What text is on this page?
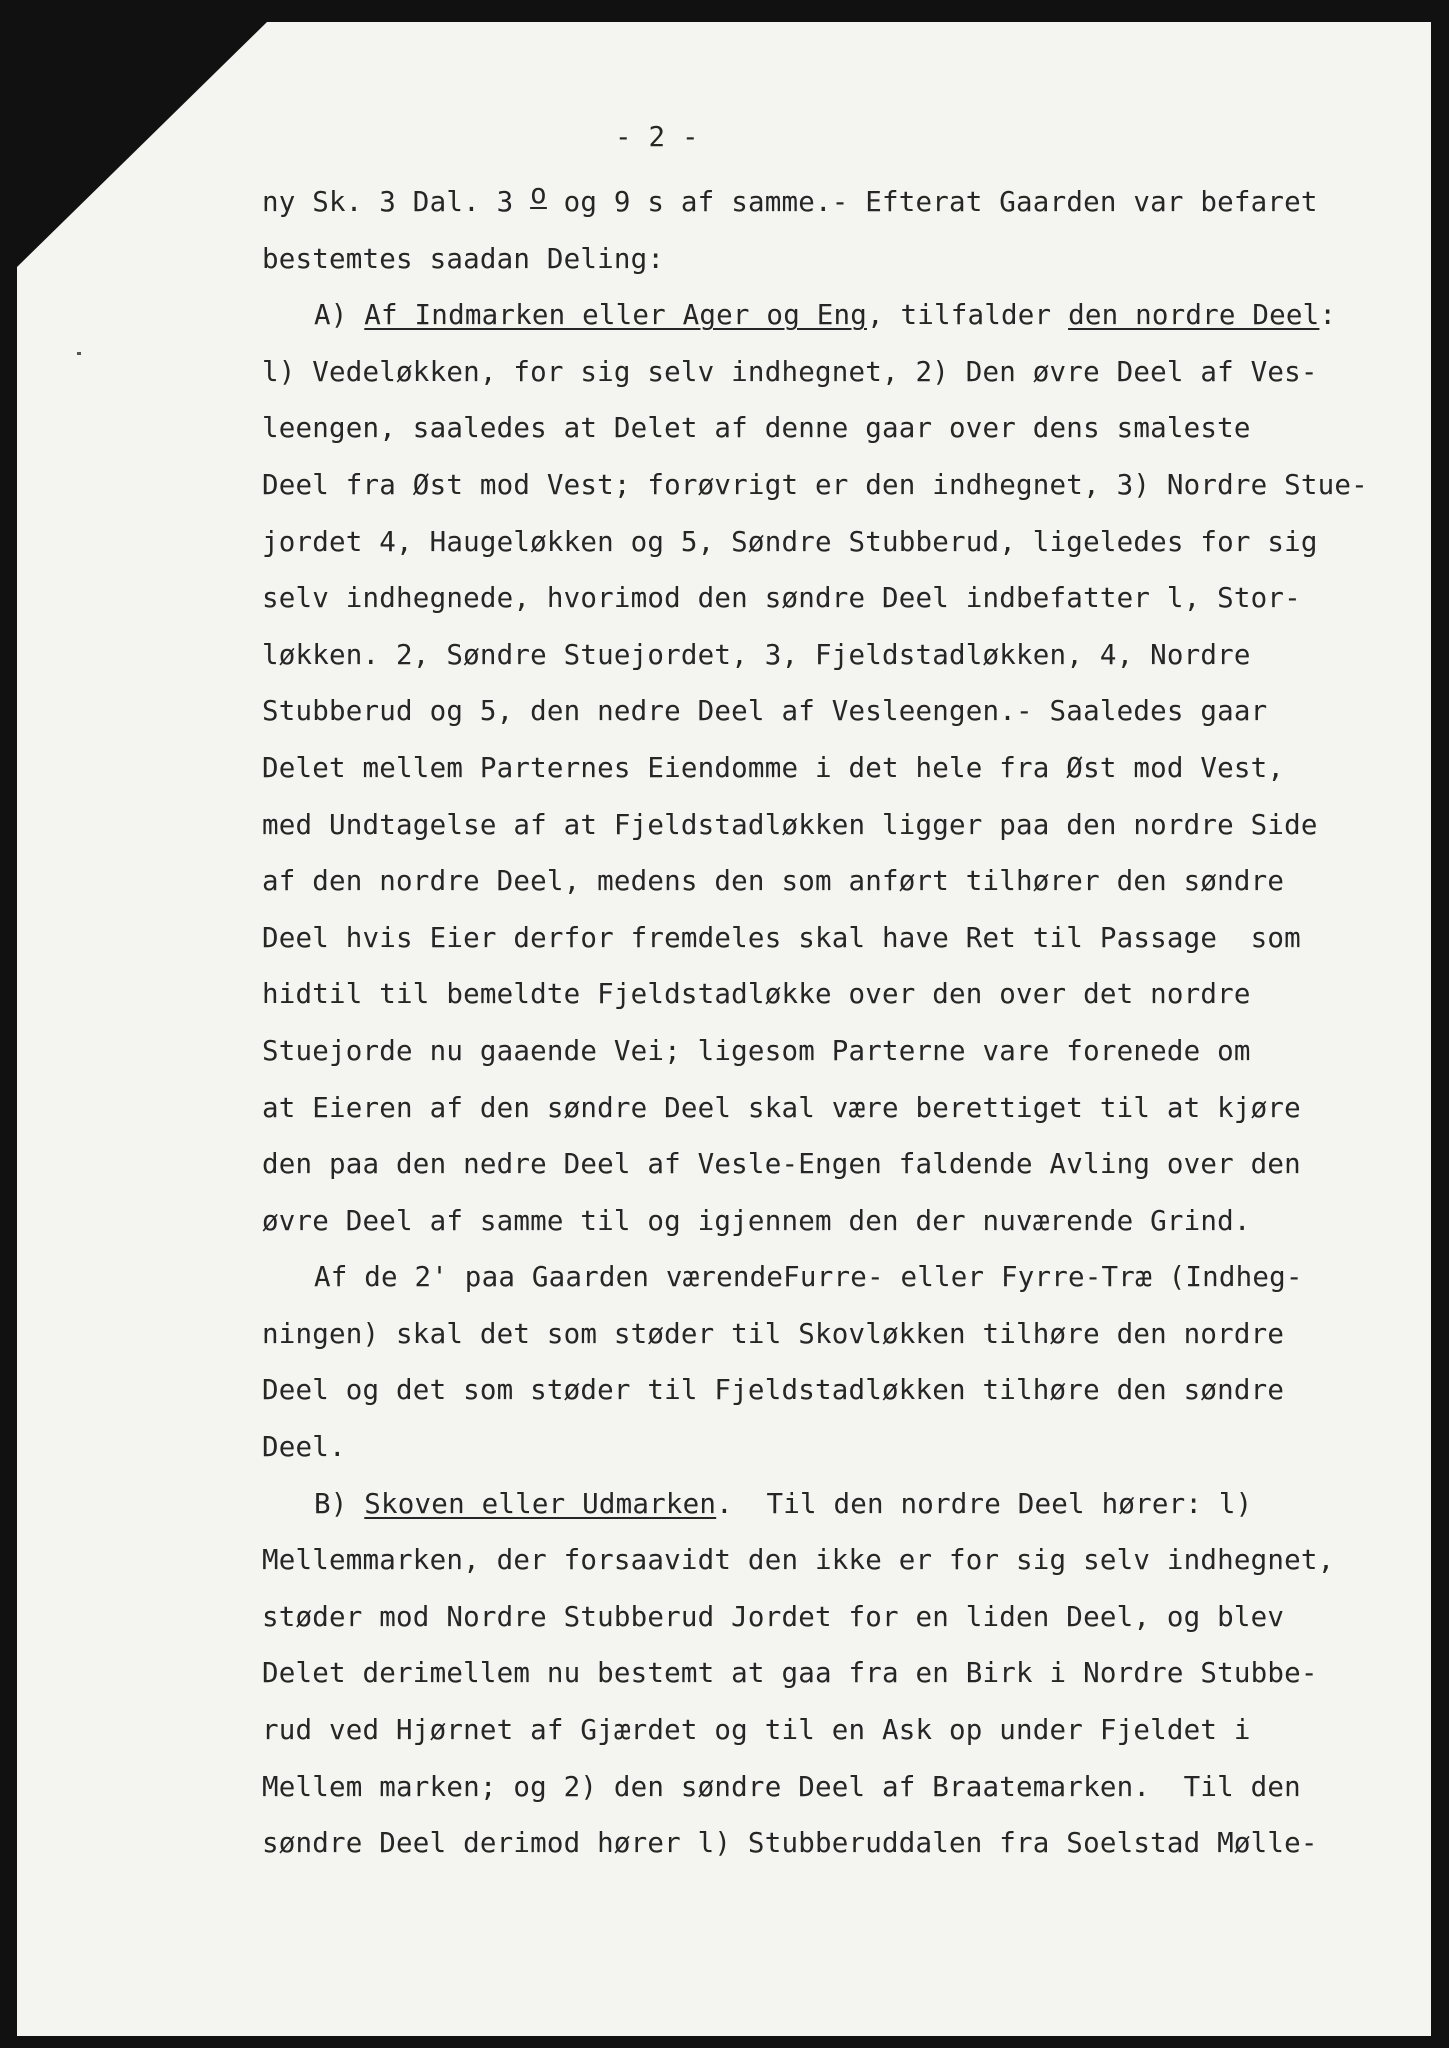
- 2 -
ny Sk. 3 Dal. 3 o og 9 s af samme.- Efterat Gaarden var befaret
bestemtes saadan Deling:
A) Af Indmarken eller Ager og Eng, tilfalder den nordre Deel:
l) Vedeløkken, for sig selv indhegnet, 2) Den øvre Deel af Ves-
leengen, saaledes at Delet af denne gaar over dens smaleste
Deel fra Øst mod Vest; forøvrigt er den indhegnet, 3) Nordre Stue-
jordet 4, Haugeløkken og 5, Søndre Stubberud, ligeledes for sig
selv indhegnede, hvorimod den søndre Deel indbefatter l, Stor-
løkken. 2, Søndre Stuejordet, 3, Fjeldstadløkken, 4, Nordre
Stubberud og 5, den nedre Deel af Vesleengen.- Saaledes gaar
Delet mellem Parternes Eiendomme i det hele fra Øst mod Vest,
med Undtagelse af at Fjeldstadløkken ligger paa den nordre Side
af den nordre Deel, medens den som anført tilhører den søndre
Deel hvis Eier derfor fremdeles skal have Ret til Passage  som
hidtil til bemeldte Fjeldstadløkke over den over det nordre
Stuejorde nu gaaende Vei; ligesom Parterne vare forenede om
at Eieren af den søndre Deel skal være berettiget til at kjøre
den paa den nedre Deel af Vesle-Engen faldende Avling over den
øvre Deel af samme til og igjennem den der nuværende Grind.
Af de 2' paa Gaarden værendeFurre- eller Fyrre-Træ (Indheg-
ningen) skal det som støder til Skovløkken tilhøre den nordre
Deel og det som støder til Fjeldstadløkken tilhøre den søndre
Deel.
B) Skoven eller Udmarken.  Til den nordre Deel hører: l)
Mellemmarken, der forsaavidt den ikke er for sig selv indhegnet,
støder mod Nordre Stubberud Jordet for en liden Deel, og blev
Delet derimellem nu bestemt at gaa fra en Birk i Nordre Stubbe-
rud ved Hjørnet af Gjærdet og til en Ask op under Fjeldet i
Mellem marken; og 2) den søndre Deel af Braatemarken.  Til den
søndre Deel derimod hører l) Stubberuddalen fra Soelstad Mølle-
